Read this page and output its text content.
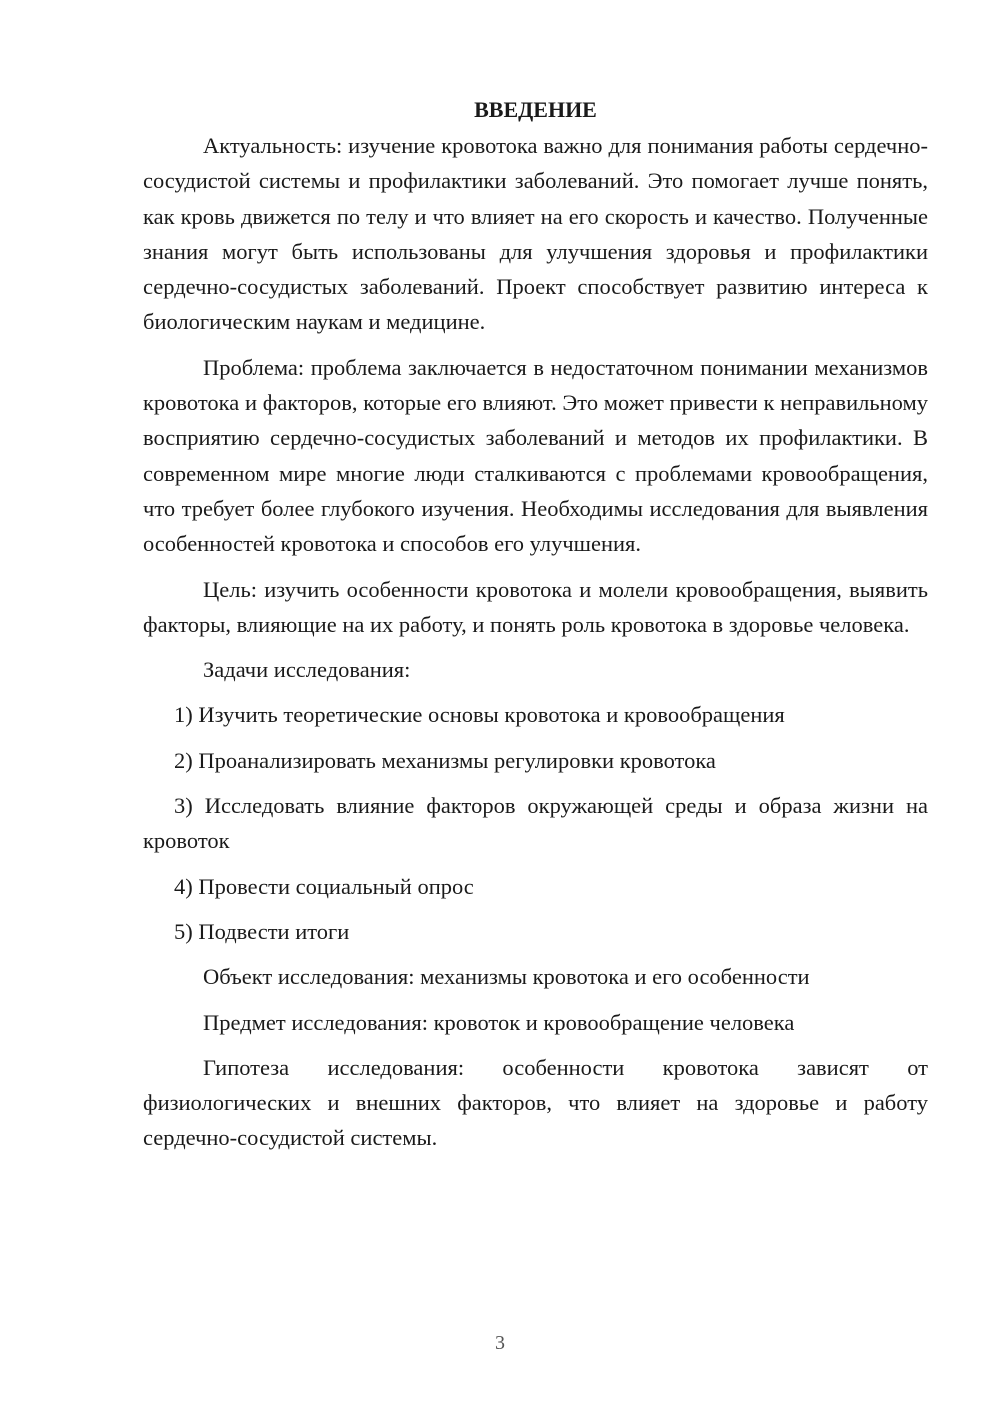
ВВЕДЕНИЕ

Актуальность: изучение кровотока важно для понимания работы сердечно-сосудистой системы и профилактики заболеваний. Это помогает лучше понять, как кровь движется по телу и что влияет на его скорость и качество. Полученные знания могут быть использованы для улучшения здоровья и профилактики сердечно-сосудистых заболеваний. Проект способствует развитию интереса к биологическим наукам и медицине.

Проблема: проблема заключается в недостаточном понимании механизмов кровотока и факторов, которые его влияют. Это может привести к неправильному восприятию сердечно-сосудистых заболеваний и методов их профилактики. В современном мире многие люди сталкиваются с проблемами кровообращения, что требует более глубокого изучения. Необходимы исследования для выявления особенностей кровотока и способов его улучшения.

Цель: изучить особенности кровотока и молели кровообращения, выявить факторы, влияющие на их работу, и понять роль кровотока в здоровье человека.

Задачи исследования:

1) Изучить теоретические основы кровотока и кровообращения

2) Проанализировать механизмы регулировки кровотока

3) Исследовать влияние факторов окружающей среды и образа жизни на кровоток

4) Провести социальный опрос

5) Подвести итоги

Объект исследования: механизмы кровотока и его особенности

Предмет исследования: кровоток и кровообращение человека

Гипотеза исследования: особенности кровотока зависят от физиологических и внешних факторов, что влияет на здоровье и работу сердечно-сосудистой системы.

3
